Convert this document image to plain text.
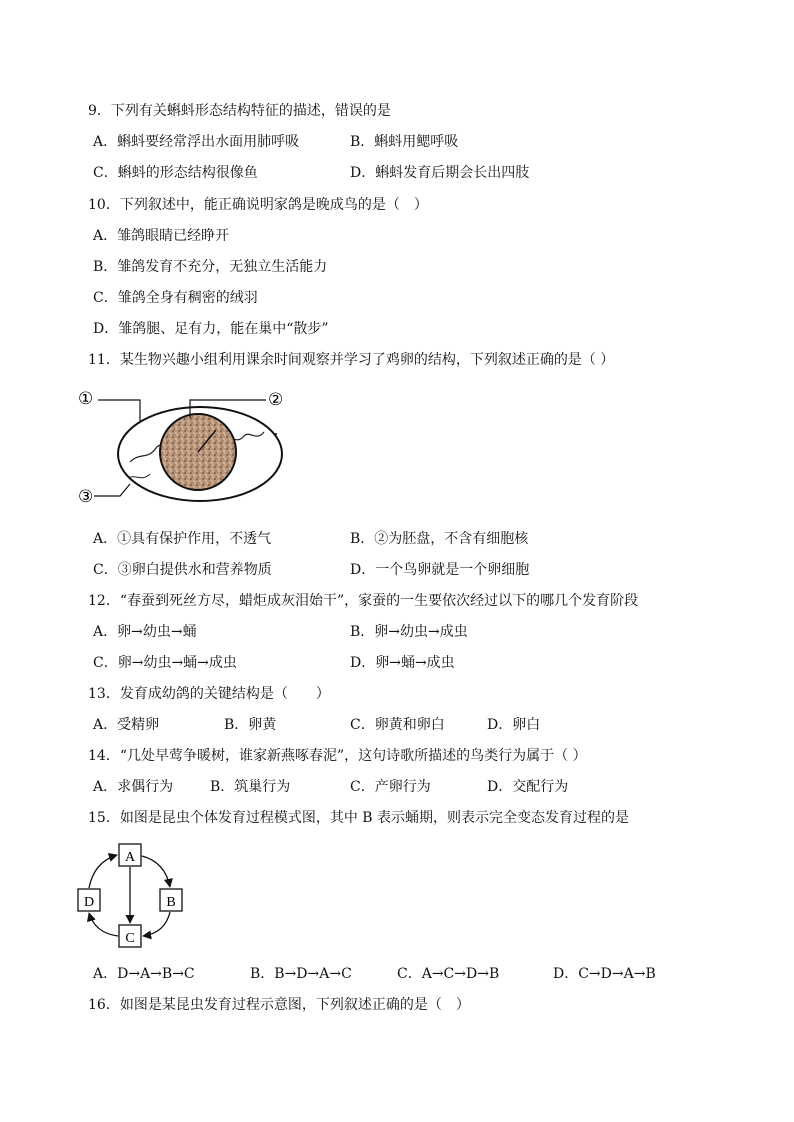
9．下列有关蝌蚪形态结构特征的描述，错误的是
A．蝌蚪要经常浮出水面用肺呼吸	B．蝌蚪用鳃呼吸
C．蝌蚪的形态结构很像鱼	D．蝌蚪发育后期会长出四肢
10．下列叙述中，能正确说明家鸽是晚成鸟的是（　）
A．雏鸽眼睛已经睁开
B．雏鸽发育不充分，无独立生活能力
C．雏鸽全身有稠密的绒羽
D．雏鸽腿、足有力，能在巢中“散步”
11．某生物兴趣小组利用课余时间观察并学习了鸡卵的结构，下列叙述正确的是（ ）
①	②
③
A．①具有保护作用，不透气	B．②为胚盘，不含有细胞核
C．③卵白提供水和营养物质	D．一个鸟卵就是一个卵细胞
12．“春蚕到死丝方尽，蜡炬成灰泪始干”，家蚕的一生要依次经过以下的哪几个发育阶段
A．卵→幼虫→蛹	B．卵→幼虫→成虫
C．卵→幼虫→蛹→成虫	D．卵→蛹→成虫
13．发育成幼鸽的关键结构是（　　）
A．受精卵	B．卵黄	C．卵黄和卵白	D．卵白
14．“几处早莺争暖树，谁家新燕啄春泥”，这句诗歌所描述的鸟类行为属于（ ）
A．求偶行为	B．筑巢行为	C．产卵行为	D．交配行为
15．如图是昆虫个体发育过程模式图，其中 B 表示蛹期，则表示完全变态发育过程的是
A
B
C
D
A．D→A→B→C	B．B→D→A→C	C．A→C→D→B	D．C→D→A→B
16．如图是某昆虫发育过程示意图，下列叙述正确的是（　）
